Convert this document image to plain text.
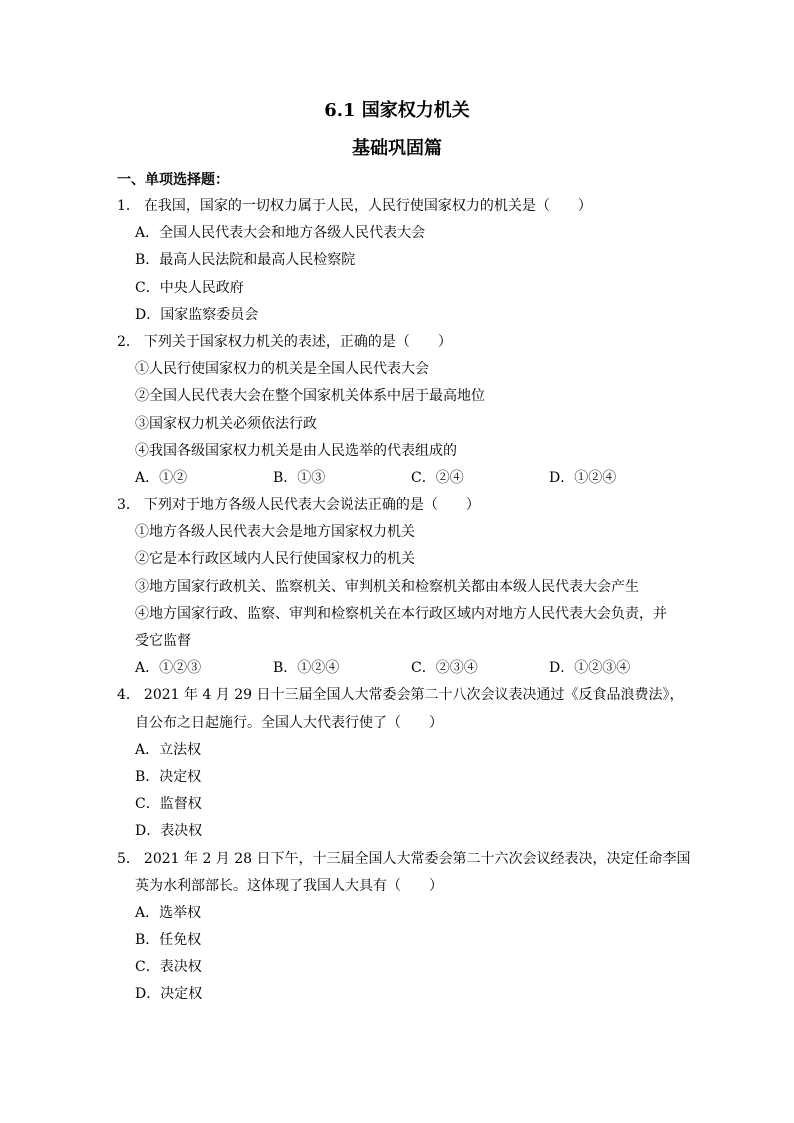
6.1 国家权力机关
基础巩固篇
一、单项选择题：
1． 在我国，国家的一切权力属于人民，人民行使国家权力的机关是（　　）
A．全国人民代表大会和地方各级人民代表大会
B．最高人民法院和最高人民检察院
C．中央人民政府
D．国家监察委员会
2． 下列关于国家权力机关的表述，正确的是（　　）
①人民行使国家权力的机关是全国人民代表大会
②全国人民代表大会在整个国家机关体系中居于最高地位
③国家权力机关必须依法行政
④我国各级国家权力机关是由人民选举的代表组成的
A．①②	B．①③	C．②④	D．①②④
3． 下列对于地方各级人民代表大会说法正确的是（　　）
①地方各级人民代表大会是地方国家权力机关
②它是本行政区域内人民行使国家权力的机关
③地方国家行政机关、监察机关、审判机关和检察机关都由本级人民代表大会产生
④地方国家行政、监察、审判和检察机关在本行政区域内对地方人民代表大会负责，并
受它监督
A．①②③	B．①②④	C．②③④	D．①②③④
4． 2021 年 4 月 29 日十三届全国人大常委会第二十八次会议表决通过《反食品浪费法》，
自公布之日起施行。全国人大代表行使了（　　）
A．立法权
B．决定权
C．监督权
D．表决权
5． 2021 年 2 月 28 日下午，十三届全国人大常委会第二十六次会议经表决，决定任命李国
英为水利部部长。这体现了我国人大具有（　　）
A．选举权
B．任免权
C．表决权
D．决定权
